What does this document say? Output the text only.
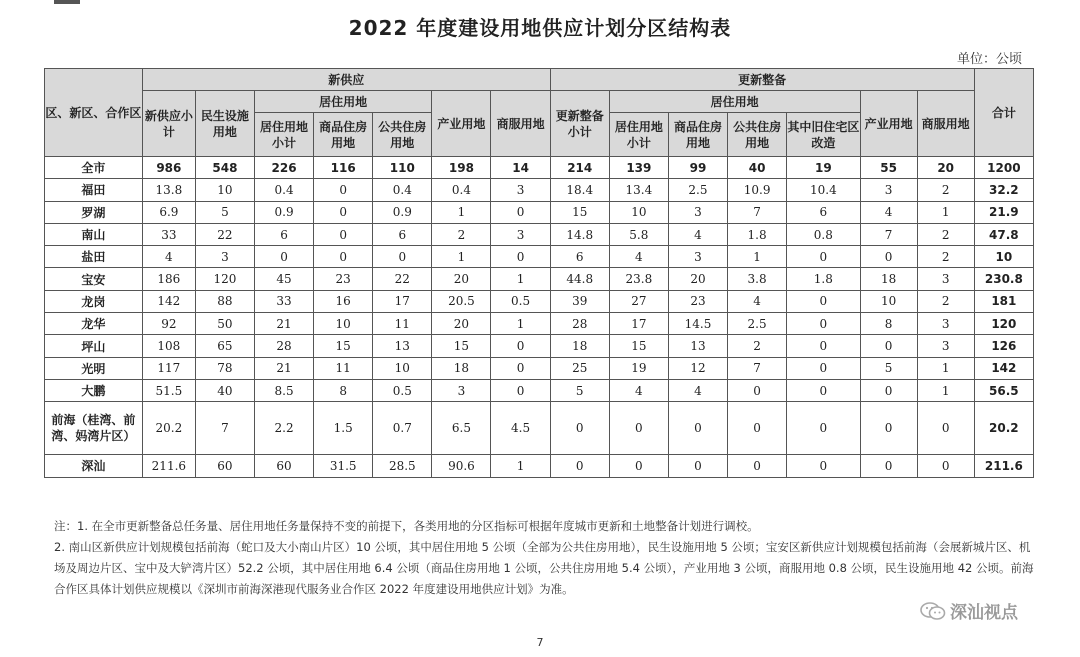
2022 年度建设用地供应计划分区结构表
单位：公顷
区、新区、合作区	新供应							更新整备							合计
	新供应小计	民生设施用地	居住用地			产业用地	商服用地	更新整备小计	居住用地				产业用地	商服用地	
			居住用地小计	商品住房用地	公共住房用地				居住用地小计	商品住房用地	公共住房用地	其中旧住宅区改造			
全市	986	548	226	116	110	198	14	214	139	99	40	19	55	20	1200
福田	13.8	10	0.4	0	0.4	0.4	3	18.4	13.4	2.5	10.9	10.4	3	2	32.2
罗湖	6.9	5	0.9	0	0.9	1	0	15	10	3	7	6	4	1	21.9
南山	33	22	6	0	6	2	3	14.8	5.8	4	1.8	0.8	7	2	47.8
盐田	4	3	0	0	0	1	0	6	4	3	1	0	0	2	10
宝安	186	120	45	23	22	20	1	44.8	23.8	20	3.8	1.8	18	3	230.8
龙岗	142	88	33	16	17	20.5	0.5	39	27	23	4	0	10	2	181
龙华	92	50	21	10	11	20	1	28	17	14.5	2.5	0	8	3	120
坪山	108	65	28	15	13	15	0	18	15	13	2	0	0	3	126
光明	117	78	21	11	10	18	0	25	19	12	7	0	5	1	142
大鹏	51.5	40	8.5	8	0.5	3	0	5	4	4	0	0	0	1	56.5
前海（桂湾、前湾、妈湾片区）	20.2	7	2.2	1.5	0.7	6.5	4.5	0	0	0	0	0	0	0	20.2
深汕	211.6	60	60	31.5	28.5	90.6	1	0	0	0	0	0	0	0	211.6

注：1. 在全市更新整备总任务量、居住用地任务量保持不变的前提下，各类用地的分区指标可根据年度城市更新和土地整备计划进行调校。

2. 南山区新供应计划规模包括前海（蛇口及大小南山片区）10 公顷，其中居住用地 5 公顷（全部为公共住房用地），民生设施用地 5 公顷；宝安区新供应计划规模包括前海（会展新城片区、机场及周边片区、宝中及大铲湾片区）52.2 公顷，其中居住用地 6.4 公顷（商品住房用地 1 公顷，公共住房用地 5.4 公顷），产业用地 3 公顷，商服用地 0.8 公顷，民生设施用地 42 公顷。前海合作区具体计划供应规模以《深圳市前海深港现代服务业合作区 2022 年度建设用地供应计划》为准。

7
深汕视点
